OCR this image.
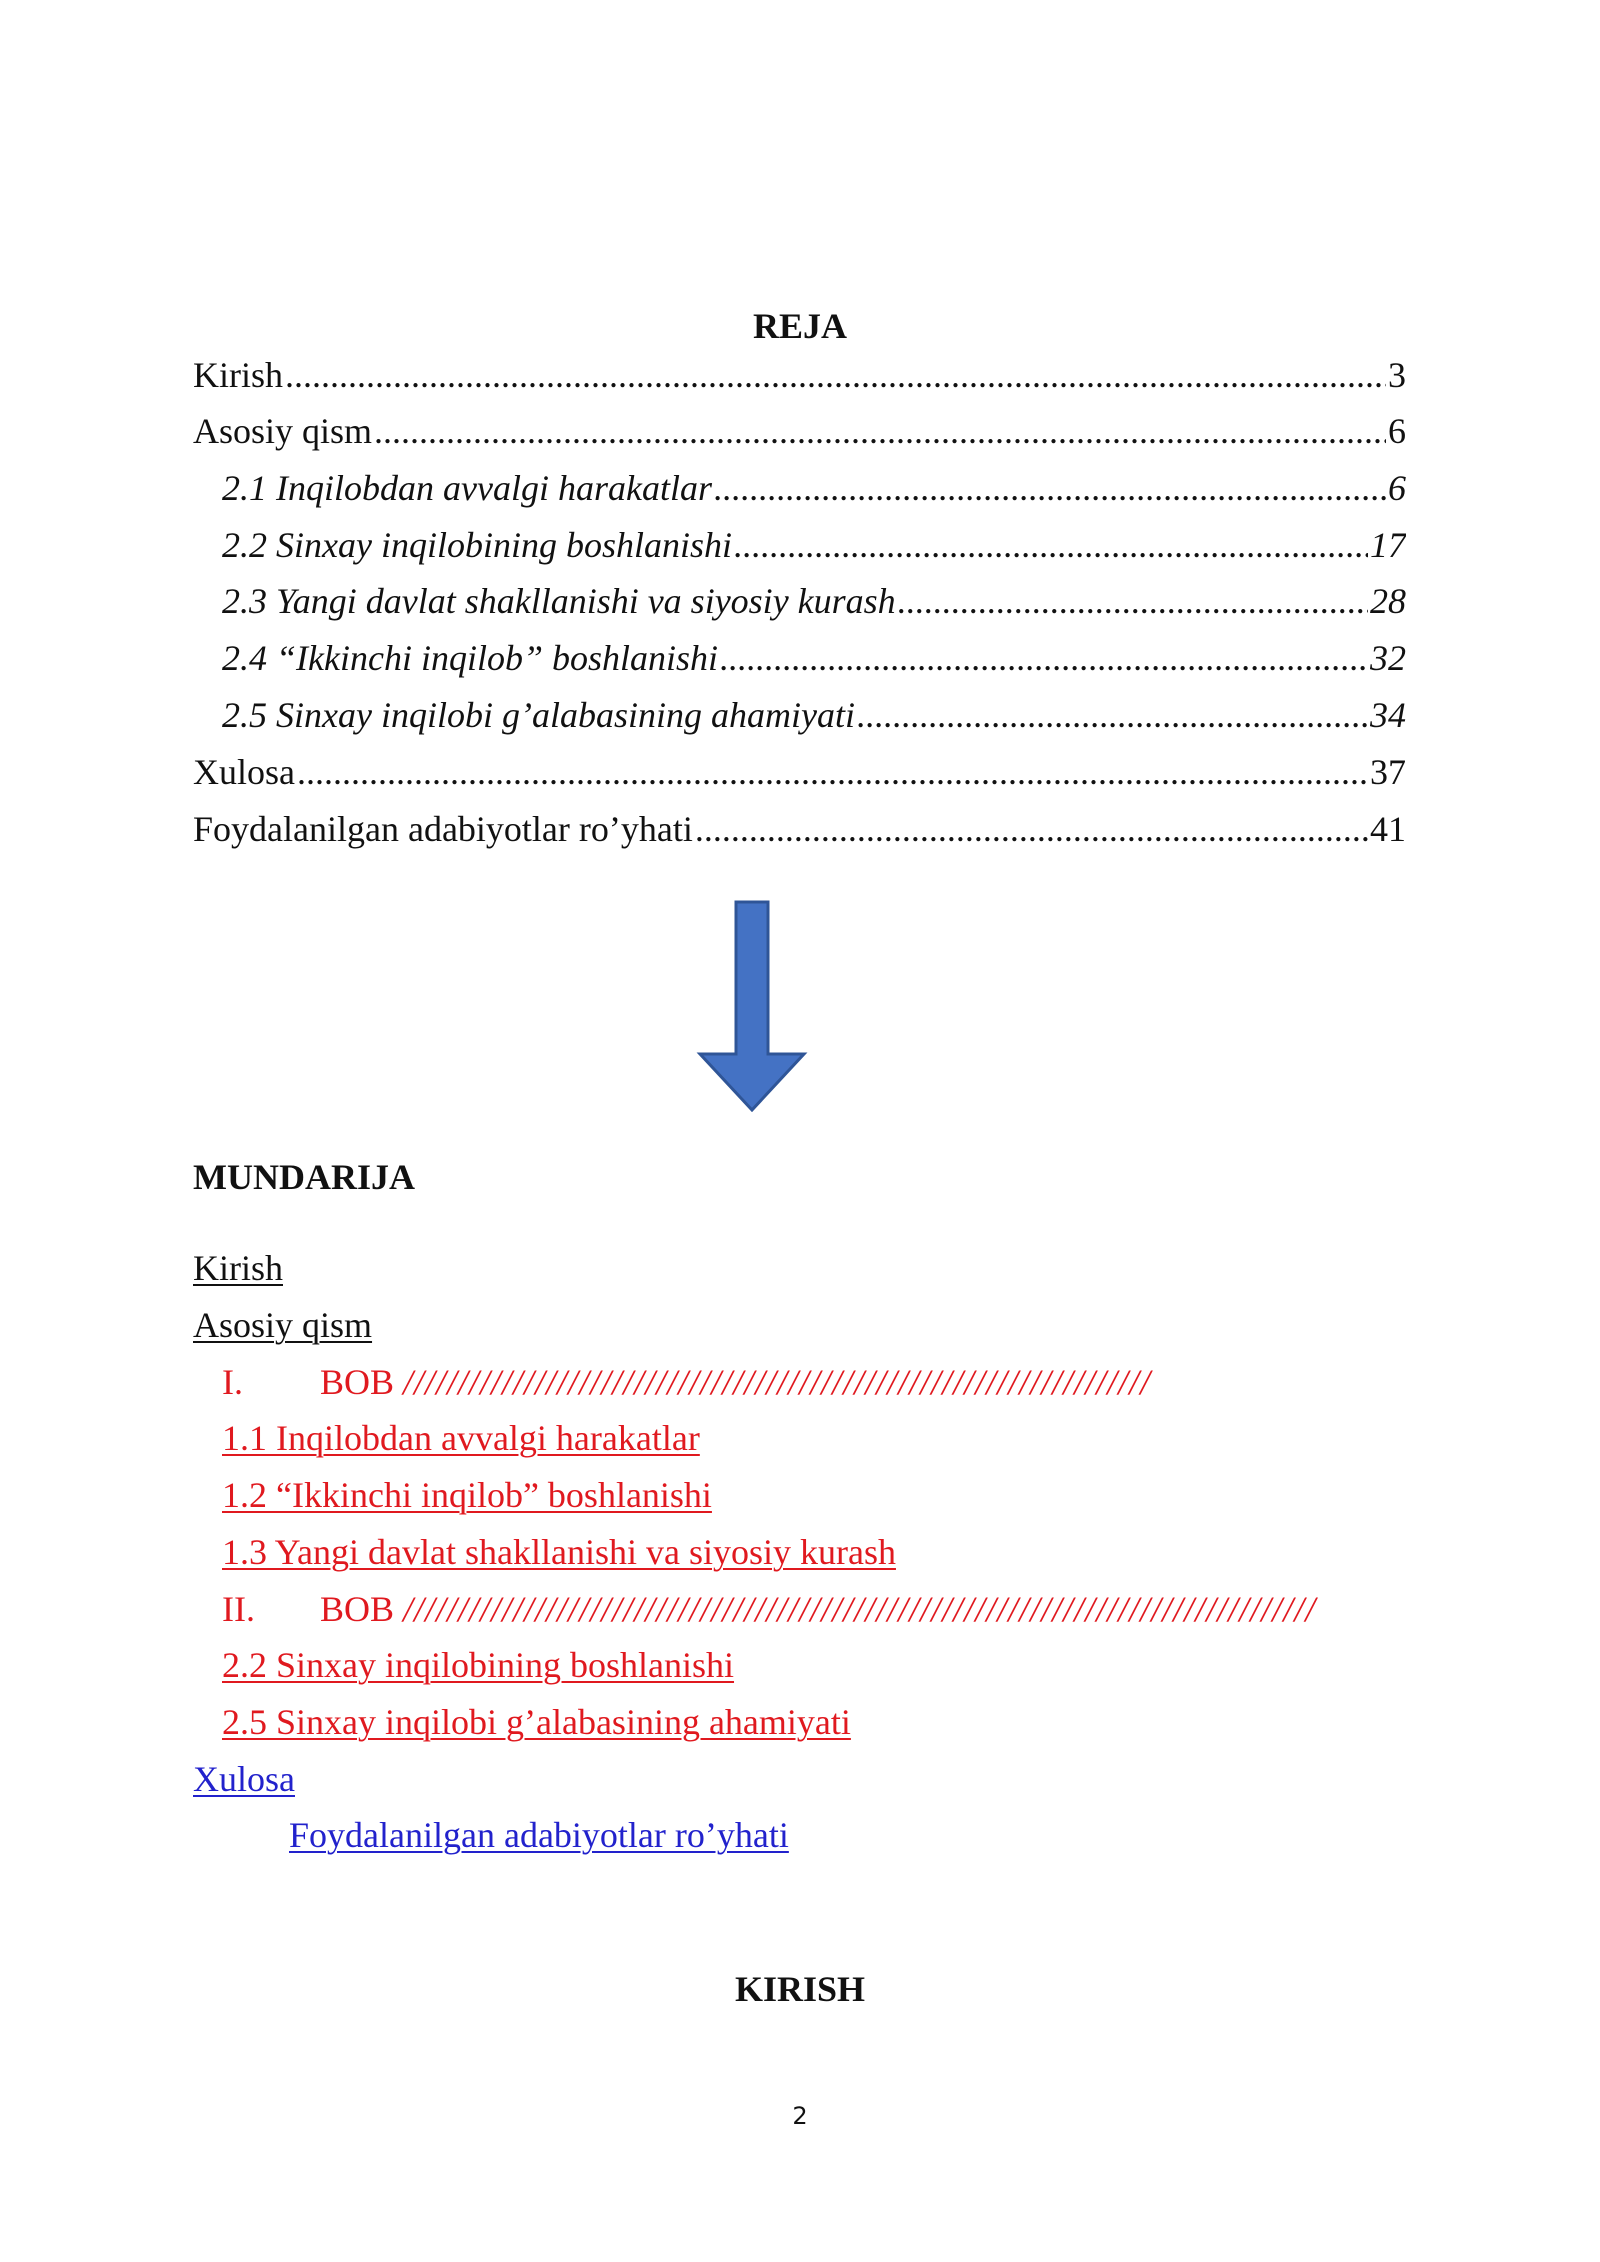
REJA
Kirish .....	3
Asosiy qism .....	6
2.1 Inqilobdan avvalgi harakatlar .....	6
2.2 Sinxay inqilobining boshlanishi .....	17
2.3 Yangi davlat shakllanishi va siyosiy kurash .....	28
2.4 “Ikkinchi inqilob” boshlanishi .....	32
2.5 Sinxay inqilobi g’alabasining ahamiyati .....	34
Xulosa .....	37
Foydalanilgan adabiyotlar ro’yhati .....	41
MUNDARIJA
Kirish
Asosiy qism
I. BOB ////////////////////////////////////////////////////////////////////
1.1 Inqilobdan avvalgi harakatlar
1.2 “Ikkinchi inqilob” boshlanishi
1.3 Yangi davlat shakllanishi va siyosiy kurash
II. BOB ///////////////////////////////////////////////////////////////////////////////////
2.2 Sinxay inqilobining boshlanishi
2.5 Sinxay inqilobi g’alabasining ahamiyati
Xulosa
Foydalanilgan adabiyotlar ro’yhati
KIRISH
2
